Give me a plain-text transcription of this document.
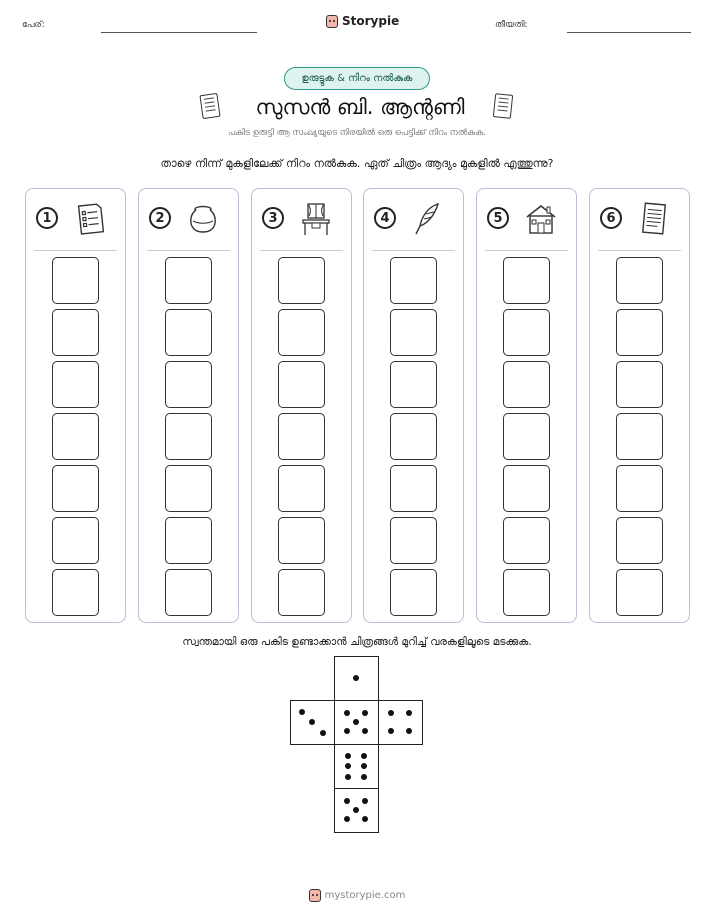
പേര്:	Storypie	തീയതി:
ഉരുട്ടുക & നിറം നൽകുക
സുസൻ ബി. ആന്റണി
പകിട ഉരുട്ടി ആ സംഖ്യയുടെ നിരയിൽ ഒരു പെട്ടിക്ക് നിറം നൽകുക.
താഴെ നിന്ന് മുകളിലേക്ക് നിറം നൽകുക. ഏത് ചിത്രം ആദ്യം മുകളിൽ എത്തുന്നു?
1	2	3	4	5	6
സ്വന്തമായി ഒരു പകിട ഉണ്ടാക്കാൻ ചിത്രങ്ങൾ മുറിച്ച് വരകളിലൂടെ മടക്കുക.
mystorypie.com
